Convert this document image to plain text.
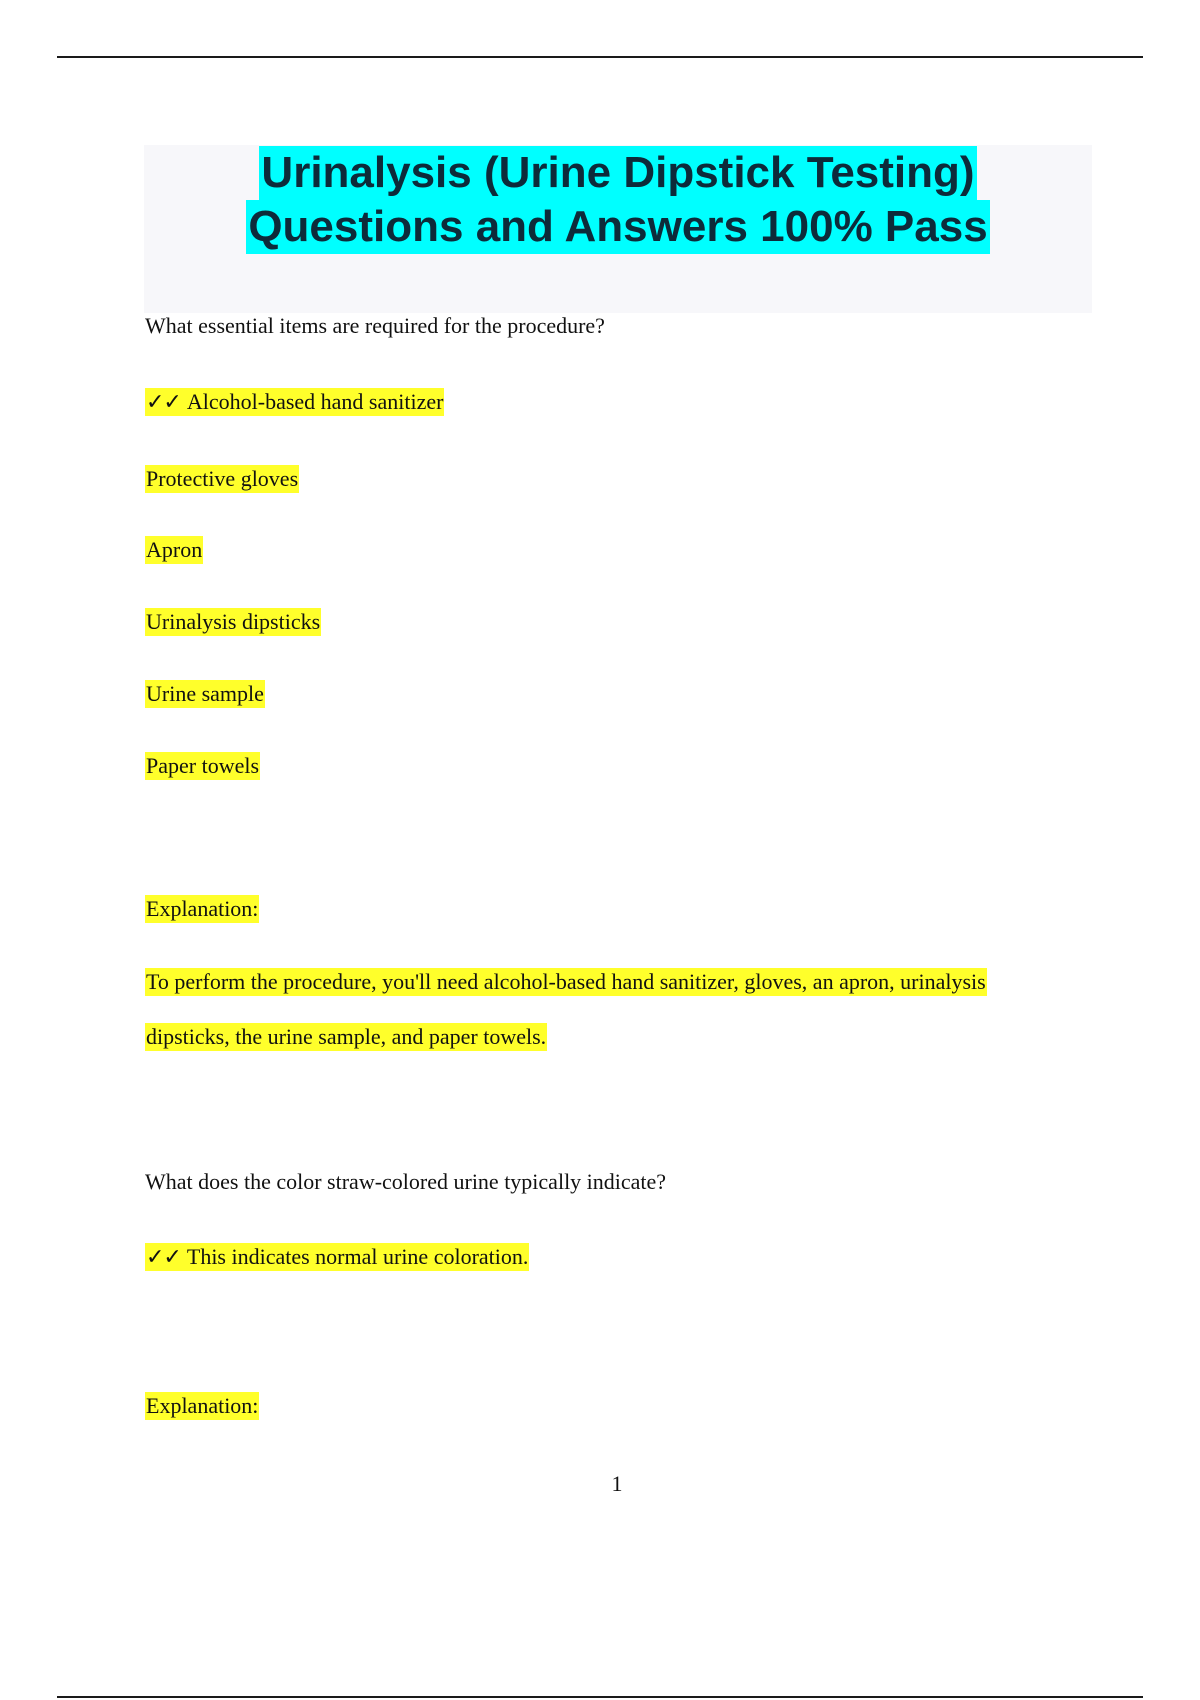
Urinalysis (Urine Dipstick Testing)
Questions and Answers 100% Pass
What essential items are required for the procedure?
✓✓ Alcohol-based hand sanitizer
Protective gloves
Apron
Urinalysis dipsticks
Urine sample
Paper towels
Explanation:
To perform the procedure, you'll need alcohol-based hand sanitizer, gloves, an apron, urinalysis
dipsticks, the urine sample, and paper towels.
What does the color straw-colored urine typically indicate?
✓✓ This indicates normal urine coloration.
Explanation:
1
